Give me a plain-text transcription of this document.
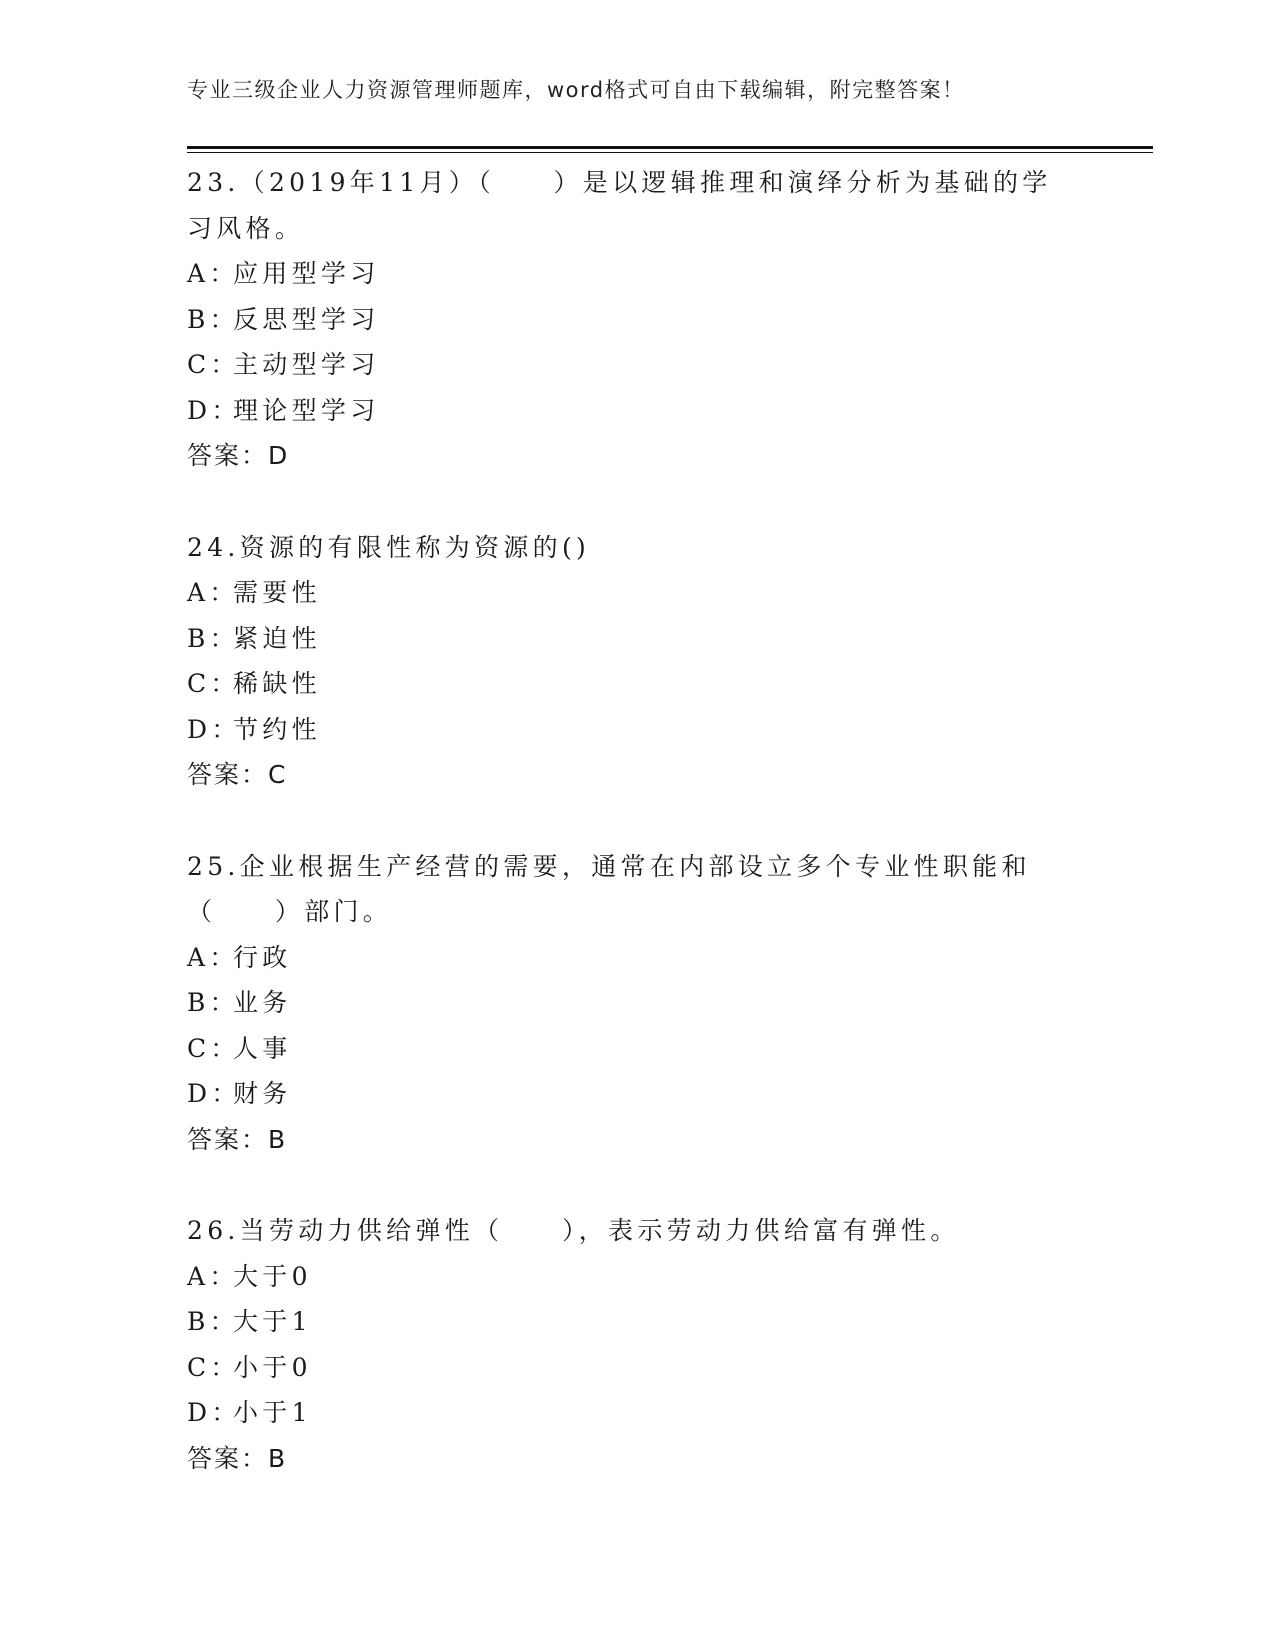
专业三级企业人力资源管理师题库，word格式可自由下载编辑，附完整答案！
23.（2019年11月）（　　）是以逻辑推理和演绎分析为基础的学习风格。
A：应用型学习
B：反思型学习
C：主动型学习
D：理论型学习
答案：D
24.资源的有限性称为资源的()
A：需要性
B：紧迫性
C：稀缺性
D：节约性
答案：C
25.企业根据生产经营的需要，通常在内部设立多个专业性职能和（　　）部门。
A：行政
B：业务
C：人事
D：财务
答案：B
26.当劳动力供给弹性（　　），表示劳动力供给富有弹性。
A：大于0
B：大于1
C：小于0
D：小于1
答案：B
